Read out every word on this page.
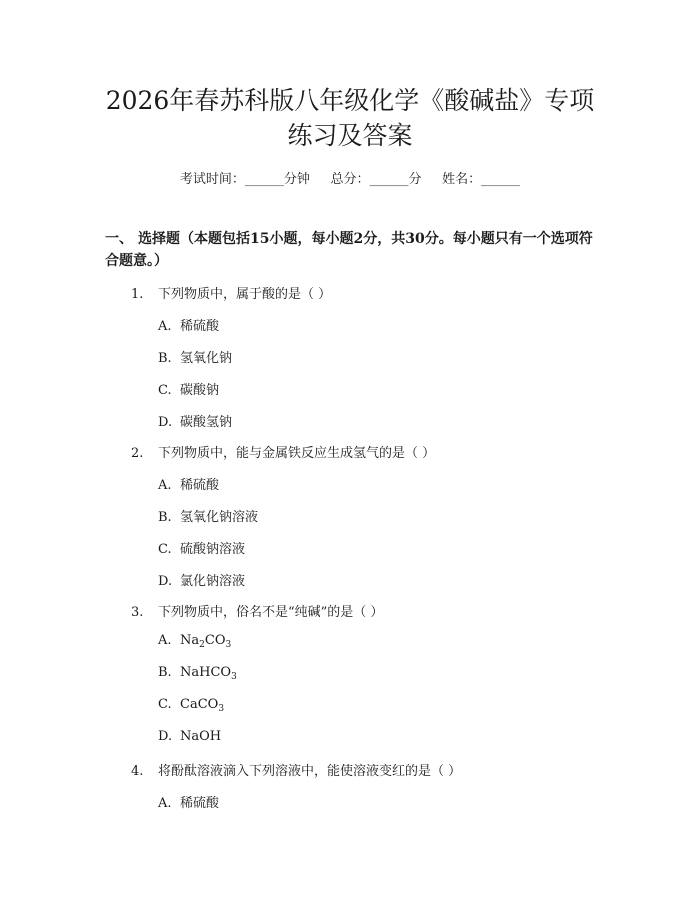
2026年春苏科版八年级化学《酸碱盐》专项
练习及答案
考试时间：______分钟     总分：______分     姓名：______
一、 选择题（本题包括15小题，每小题2分，共30分。每小题只有一个选项符合题意。）
1. 下列物质中，属于酸的是（ ）
A. 稀硫酸
B. 氢氧化钠
C. 碳酸钠
D. 碳酸氢钠
2. 下列物质中，能与金属铁反应生成氢气的是（ ）
A. 稀硫酸
B. 氢氧化钠溶液
C. 硫酸钠溶液
D. 氯化钠溶液
3. 下列物质中，俗名不是“纯碱”的是（ ）
A. $Na_2CO_3$
B. NaHCO$_3$
C. CaCO$_3$
D. NaOH
4. 将酚酞溶液滴入下列溶液中，能使溶液变红的是（ ）
A. 稀硫酸
